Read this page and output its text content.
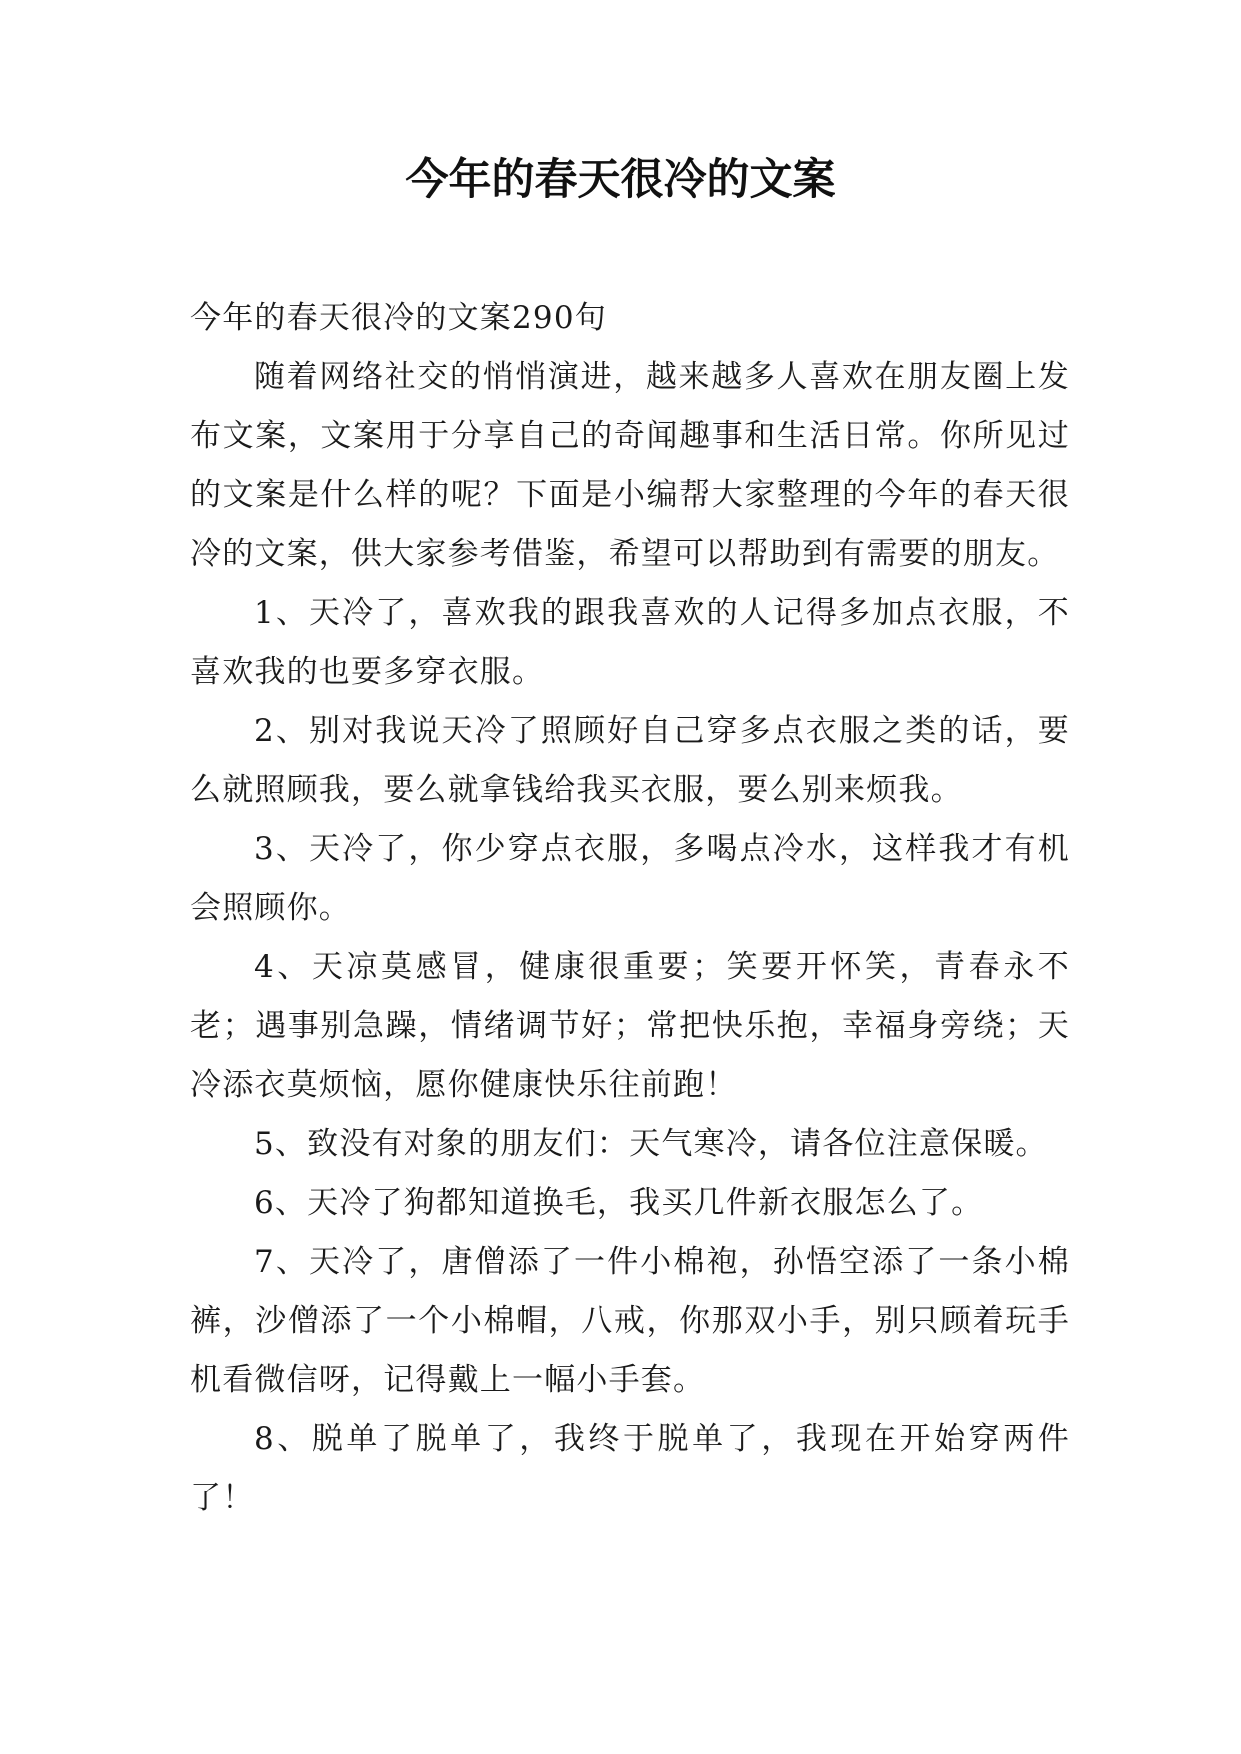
今年的春天很冷的文案

今年的春天很冷的文案290句

随着网络社交的悄悄演进，越来越多人喜欢在朋友圈上发布文案，文案用于分享自己的奇闻趣事和生活日常。你所见过的文案是什么样的呢？下面是小编帮大家整理的今年的春天很冷的文案，供大家参考借鉴，希望可以帮助到有需要的朋友。

1、天冷了，喜欢我的跟我喜欢的人记得多加点衣服，不喜欢我的也要多穿衣服。

2、别对我说天冷了照顾好自己穿多点衣服之类的话，要么就照顾我，要么就拿钱给我买衣服，要么别来烦我。

3、天冷了，你少穿点衣服，多喝点冷水，这样我才有机会照顾你。

4、天凉莫感冒，健康很重要；笑要开怀笑，青春永不老；遇事别急躁，情绪调节好；常把快乐抱，幸福身旁绕；天冷添衣莫烦恼，愿你健康快乐往前跑！

5、致没有对象的朋友们：天气寒冷，请各位注意保暖。

6、天冷了狗都知道换毛，我买几件新衣服怎么了。

7、天冷了，唐僧添了一件小棉袍，孙悟空添了一条小棉裤，沙僧添了一个小棉帽，八戒，你那双小手，别只顾着玩手机看微信呀，记得戴上一幅小手套。

8、脱单了脱单了，我终于脱单了，我现在开始穿两件了！
